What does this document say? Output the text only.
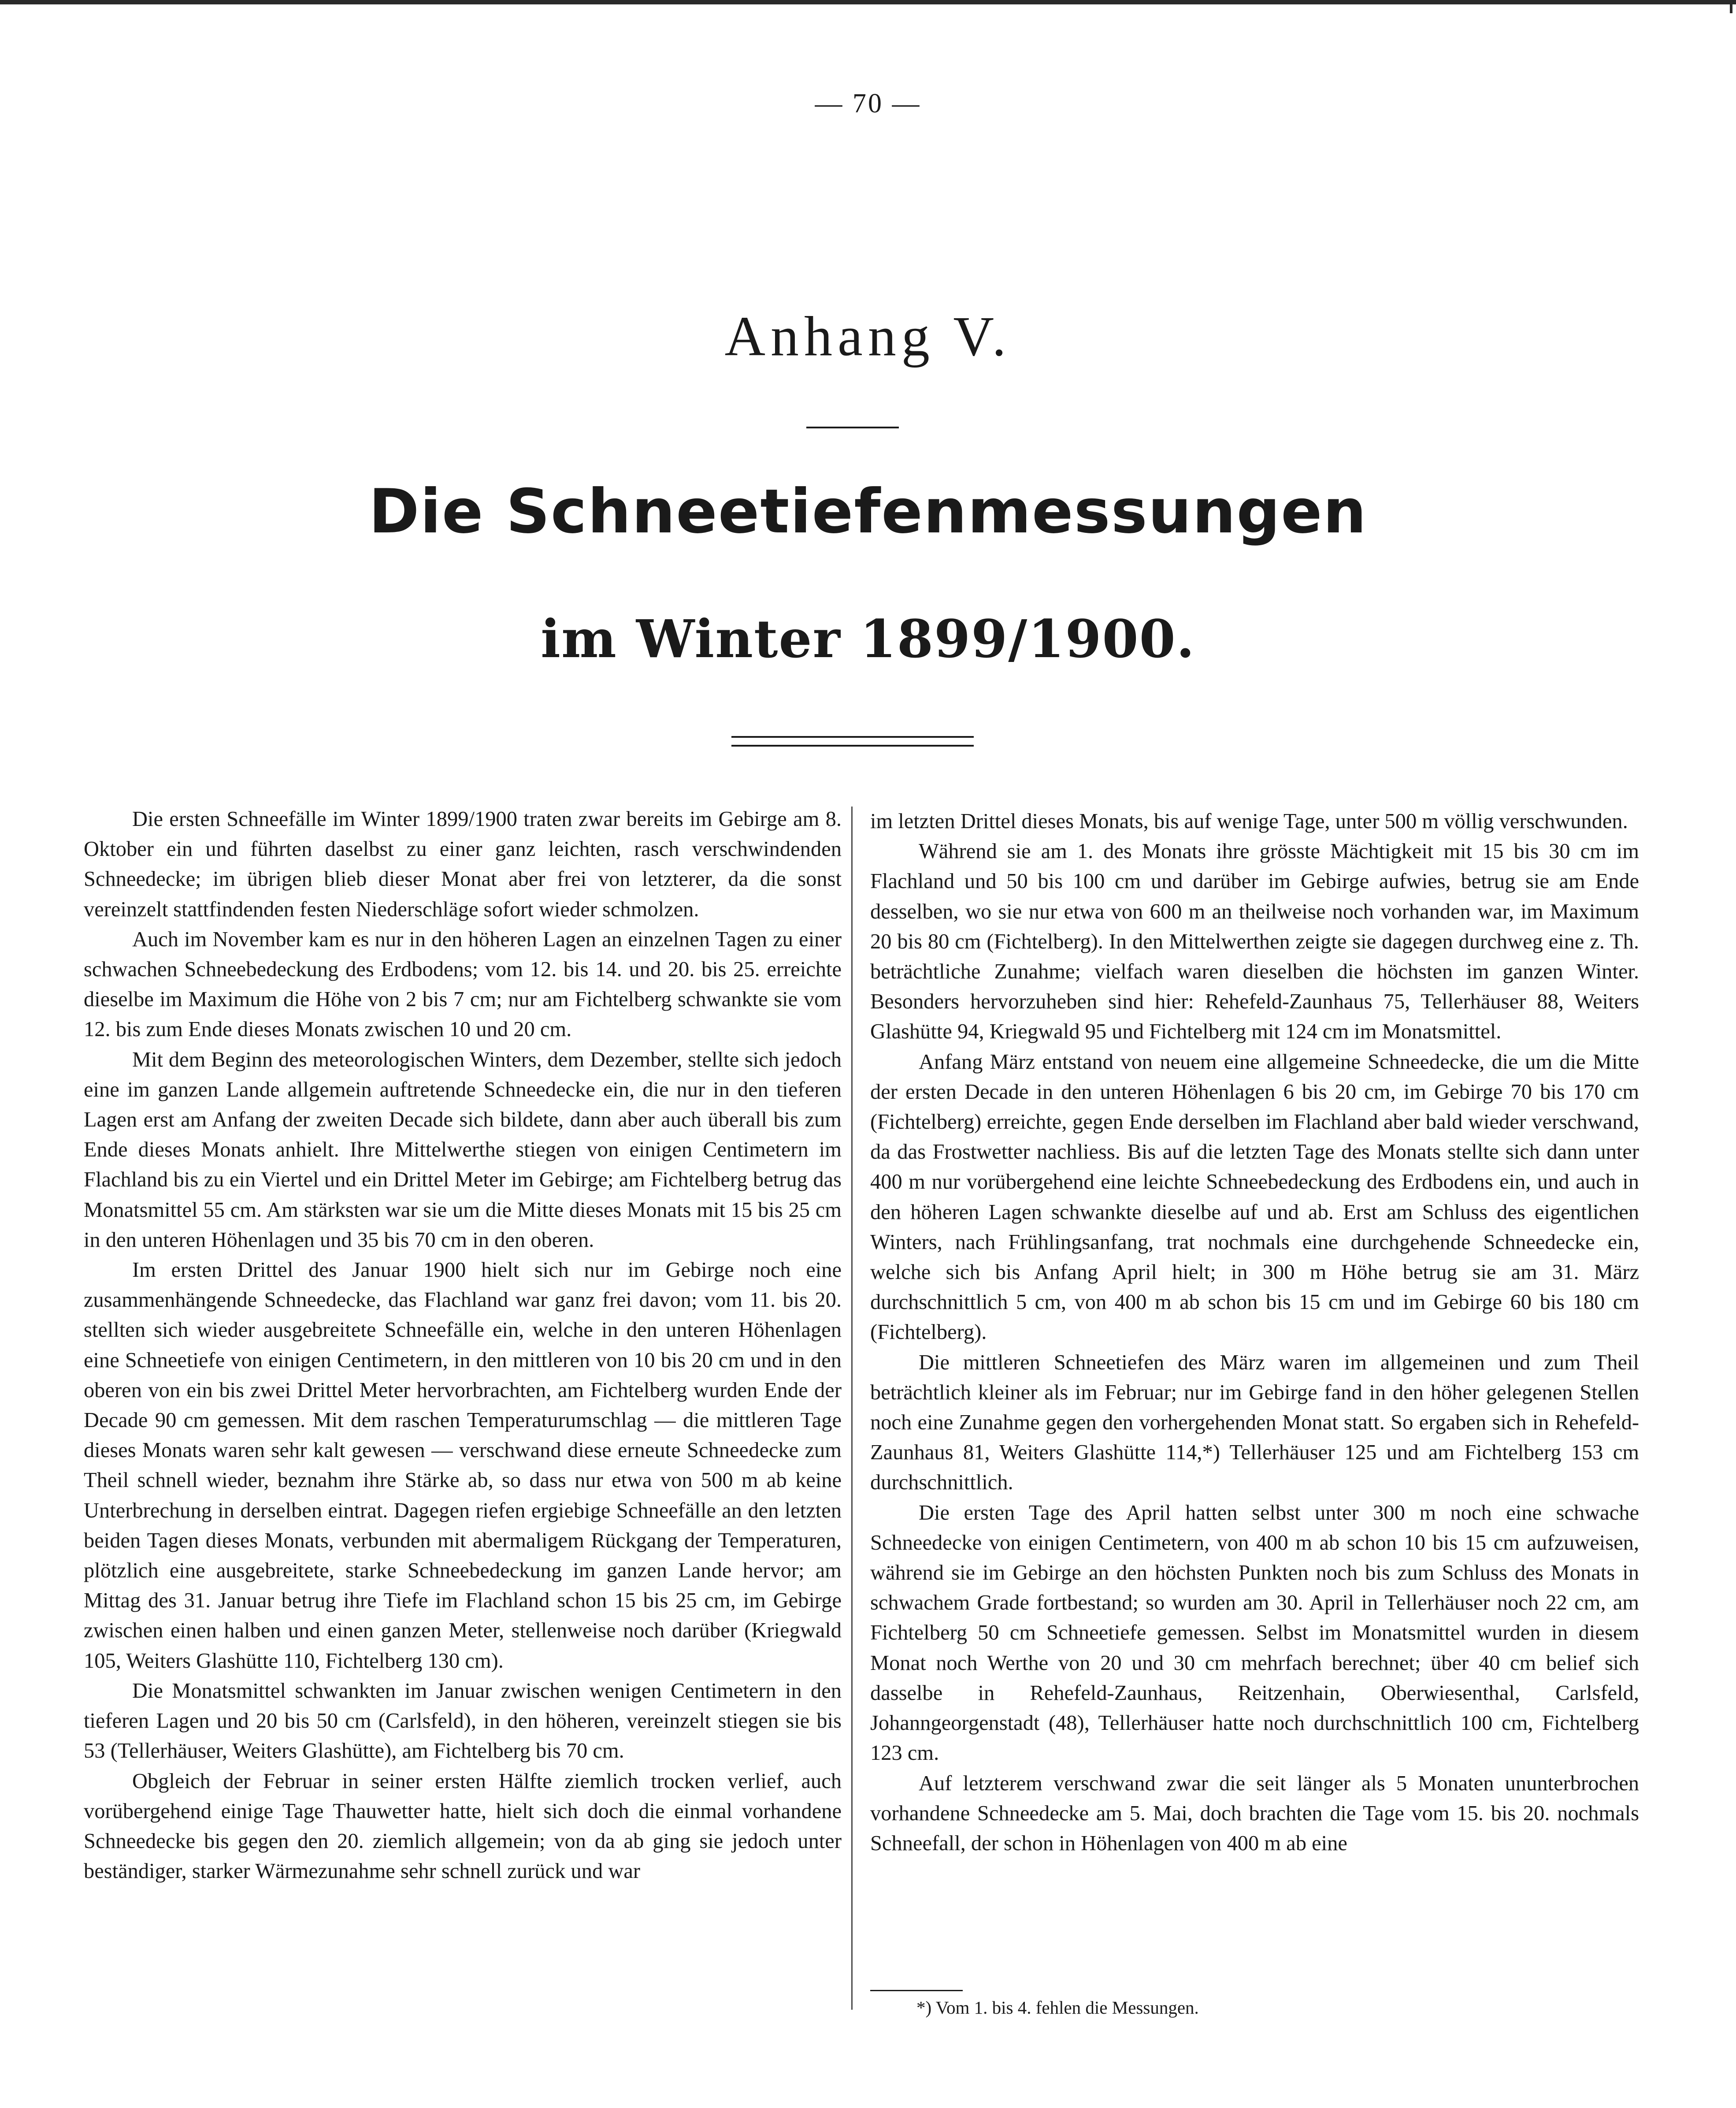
— 70 —
Anhang V.
Die Schneetiefenmessungen
im Winter 1899/1900.

Die ersten Schneefälle im Winter 1899/1900 traten zwar bereits im Gebirge am 8. Oktober ein und führten daselbst zu einer ganz leichten, rasch verschwindenden Schneedecke; im übrigen blieb dieser Monat aber frei von letzterer, da die sonst vereinzelt stattfindenden festen Niederschläge sofort wieder schmolzen.

Auch im November kam es nur in den höheren Lagen an einzelnen Tagen zu einer schwachen Schneebedeckung des Erdbodens; vom 12. bis 14. und 20. bis 25. erreichte dieselbe im Maximum die Höhe von 2 bis 7 cm; nur am Fichtelberg schwankte sie vom 12. bis zum Ende dieses Monats zwischen 10 und 20 cm.

Mit dem Beginn des meteorologischen Winters, dem Dezember, stellte sich jedoch eine im ganzen Lande allgemein auftretende Schneedecke ein, die nur in den tieferen Lagen erst am Anfang der zweiten Decade sich bildete, dann aber auch überall bis zum Ende dieses Monats anhielt. Ihre Mittelwerthe stiegen von einigen Centimetern im Flachland bis zu ein Viertel und ein Drittel Meter im Gebirge; am Fichtelberg betrug das Monatsmittel 55 cm. Am stärksten war sie um die Mitte dieses Monats mit 15 bis 25 cm in den unteren Höhenlagen und 35 bis 70 cm in den oberen.

Im ersten Drittel des Januar 1900 hielt sich nur im Gebirge noch eine zusammenhängende Schneedecke, das Flachland war ganz frei davon; vom 11. bis 20. stellten sich wieder ausgebreitete Schneefälle ein, welche in den unteren Höhenlagen eine Schneetiefe von einigen Centimetern, in den mittleren von 10 bis 20 cm und in den oberen von ein bis zwei Drittel Meter hervorbrachten, am Fichtelberg wurden Ende der Decade 90 cm gemessen. Mit dem raschen Temperaturumschlag — die mittleren Tage dieses Monats waren sehr kalt gewesen — verschwand diese erneute Schneedecke zum Theil schnell wieder, beznahm ihre Stärke ab, so dass nur etwa von 500 m ab keine Unterbrechung in derselben eintrat. Dagegen riefen ergiebige Schneefälle an den letzten beiden Tagen dieses Monats, verbunden mit abermaligem Rückgang der Temperaturen, plötzlich eine ausgebreitete, starke Schneebedeckung im ganzen Lande hervor; am Mittag des 31. Januar betrug ihre Tiefe im Flachland schon 15 bis 25 cm, im Gebirge zwischen einen halben und einen ganzen Meter, stellenweise noch darüber (Kriegwald 105, Weiters Glashütte 110, Fichtelberg 130 cm).

Die Monatsmittel schwankten im Januar zwischen wenigen Centimetern in den tieferen Lagen und 20 bis 50 cm (Carlsfeld), in den höheren, vereinzelt stiegen sie bis 53 (Tellerhäuser, Weiters Glashütte), am Fichtelberg bis 70 cm.

Obgleich der Februar in seiner ersten Hälfte ziemlich trocken verlief, auch vorübergehend einige Tage Thauwetter hatte, hielt sich doch die einmal vorhandene Schneedecke bis gegen den 20. ziemlich allgemein; von da ab ging sie jedoch unter beständiger, starker Wärmezunahme sehr schnell zurück und war

im letzten Drittel dieses Monats, bis auf wenige Tage, unter 500 m völlig verschwunden.

Während sie am 1. des Monats ihre grösste Mächtigkeit mit 15 bis 30 cm im Flachland und 50 bis 100 cm und darüber im Gebirge aufwies, betrug sie am Ende desselben, wo sie nur etwa von 600 m an theilweise noch vorhanden war, im Maximum 20 bis 80 cm (Fichtelberg). In den Mittelwerthen zeigte sie dagegen durchweg eine z. Th. beträchtliche Zunahme; vielfach waren dieselben die höchsten im ganzen Winter. Besonders hervorzuheben sind hier: Rehefeld-Zaunhaus 75, Tellerhäuser 88, Weiters Glashütte 94, Kriegwald 95 und Fichtelberg mit 124 cm im Monatsmittel.

Anfang März entstand von neuem eine allgemeine Schneedecke, die um die Mitte der ersten Decade in den unteren Höhenlagen 6 bis 20 cm, im Gebirge 70 bis 170 cm (Fichtelberg) erreichte, gegen Ende derselben im Flachland aber bald wieder verschwand, da das Frostwetter nachliess. Bis auf die letzten Tage des Monats stellte sich dann unter 400 m nur vorübergehend eine leichte Schneebedeckung des Erdbodens ein, und auch in den höheren Lagen schwankte dieselbe auf und ab. Erst am Schluss des eigentlichen Winters, nach Frühlingsanfang, trat nochmals eine durchgehende Schneedecke ein, welche sich bis Anfang April hielt; in 300 m Höhe betrug sie am 31. März durchschnittlich 5 cm, von 400 m ab schon bis 15 cm und im Gebirge 60 bis 180 cm (Fichtelberg).

Die mittleren Schneetiefen des März waren im allgemeinen und zum Theil beträchtlich kleiner als im Februar; nur im Gebirge fand in den höher gelegenen Stellen noch eine Zunahme gegen den vorhergehenden Monat statt. So ergaben sich in Rehefeld-Zaunhaus 81, Weiters Glashütte 114,*) Tellerhäuser 125 und am Fichtelberg 153 cm durchschnittlich.

Die ersten Tage des April hatten selbst unter 300 m noch eine schwache Schneedecke von einigen Centimetern, von 400 m ab schon 10 bis 15 cm aufzuweisen, während sie im Gebirge an den höchsten Punkten noch bis zum Schluss des Monats in schwachem Grade fortbestand; so wurden am 30. April in Tellerhäuser noch 22 cm, am Fichtelberg 50 cm Schneetiefe gemessen. Selbst im Monatsmittel wurden in diesem Monat noch Werthe von 20 und 30 cm mehrfach berechnet; über 40 cm belief sich dasselbe in Rehefeld-Zaunhaus, Reitzenhain, Oberwiesenthal, Carlsfeld, Johanngeorgenstadt (48), Tellerhäuser hatte noch durchschnittlich 100 cm, Fichtelberg 123 cm.

Auf letzterem verschwand zwar die seit länger als 5 Monaten ununterbrochen vorhandene Schneedecke am 5. Mai, doch brachten die Tage vom 15. bis 20. nochmals Schneefall, der schon in Höhenlagen von 400 m ab eine

*) Vom 1. bis 4. fehlen die Messungen.
